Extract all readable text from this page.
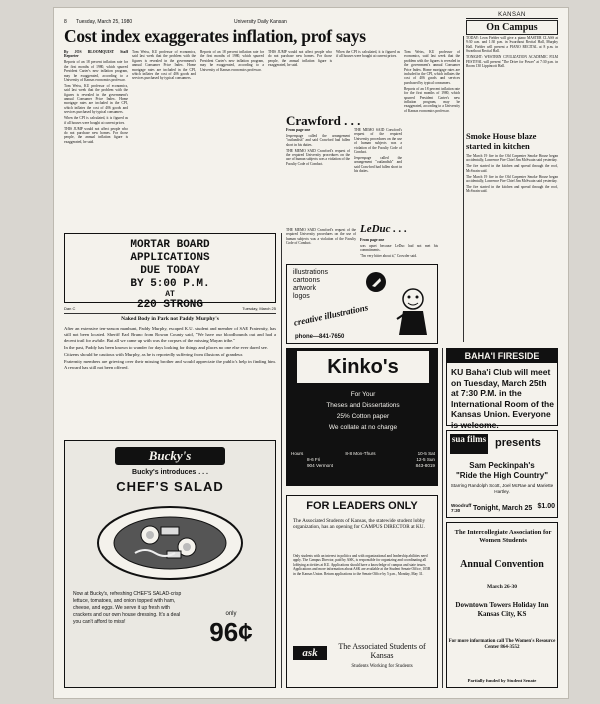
8 Tuesday, March 25, 1980	University Daily Kansan
KANSAN
On Campus
Cost index exaggerates inflation, prof says

By JOS BLOOMQUIST Staff Reporter

Reports of an 18 percent inflation rate for the first months of 1980, which spurred President Carter's new inflation program, may be exaggerated, according to a University of Kansas economics professor.

Tom Weiss, KU professor of economics, said last week that the problem with the figures is revealed in the government's annual Consumer Price Index. Home mortgage rates are included in the CPI, which inflates the cost of 406 goods and services purchased by typical consumers.

When the CPI is calculated, it is figured as if all houses were bought at current prices.

THIS JUMP would not affect people who do not purchase new homes. For those people, the annual inflation figure is exaggerated, he said.

Tom Weiss, KU professor of economics, said last week that the problem with the figures is revealed in the government's annual Consumer Price Index. Home mortgage rates are included in the CPI, which inflates the cost of 406 goods and services purchased by typical consumers.

Reports of an 18 percent inflation rate for the first months of 1980, which spurred President Carter's new inflation program, may be exaggerated, according to a University of Kansas economics professor.

THIS JUMP would not affect people who do not purchase new homes. For those people, the annual inflation figure is exaggerated, he said.

When the CPI is calculated, it is figured as if all houses were bought at current prices.

Tom Weiss, KU professor of economics, said last week that the problem with the figures is revealed in the government's annual Consumer Price Index. Home mortgage rates are included in the CPI, which inflates the cost of 406 goods and services purchased by typical consumers.

Reports of an 18 percent inflation rate for the first months of 1980, which spurred President Carter's new inflation program, may be exaggerated, according to a University of Kansas economics professor.

TODAY: Leon Fielder will give a piano MASTER CLASS at 9:30 a.m. and 1:30 p.m. in Swarthout Recital Hall, Murphy Hall. Fielder will present a PIANO RECITAL at 8 p.m. in Swarthout Recital Hall.

TONIGHT: WESTERN CIVILIZATION ACADEMIC FILM FESTIVAL will present "The Drive for Power" at 7:30 p.m. in Room 130 Lippincott Hall.

Smoke House blaze started in kitchen

The March 19 fire in the Old Carpenter Smoke House began accidentally, Lawrence Fire Chief Jim McSwain said yesterday.

The fire started in the kitchen and spread through the roof, McSwain said.

The March 19 fire in the Old Carpenter Smoke House began accidentally, Lawrence Fire Chief Jim McSwain said yesterday.

The fire started in the kitchen and spread through the roof, McSwain said.

Crawford . . .

From page one

Jesperspage called the arrangement "outlandish" and said Crawford had fallen short in his duties.

THE MEMO SAID Crawford's request of the required University procedures on the use of human subjects was a violation of the Faculty Code of Conduct.

THE MEMO SAID Crawford's request of the required University procedures on the use of human subjects was a violation of the Faculty Code of Conduct.

Jesperspage called the arrangement "outlandish" and said Crawford had fallen short in his duties.

LeDuc . . .

From page one

was upset because LeDuc had not met his commitments.

"I'm very bitter about it," Crowder said.

THE MEMO SAID Crawford's request of the required University procedures on the use of human subjects was a violation of the Faculty Code of Conduct.

MORTAR BOARD
APPLICATIONS
DUE TODAY
BY 5:00 P.M.
AT
220 STRONG
Dan C	Tuesday, March 25
Naked Body in Park not Paddy Murphy's

After an extensive ten-season manhunt, Paddy Murphy, escaped K.U. student and member of SAE Fraternity, has still not been located. Sheriff Earl Bruno from Rowan County said, "We have our bloodhounds out and had a decent trail for awhile. But all we came up with was the corpses of the missing Mayan tribe."

In the past, Paddy has been known to wander for days looking for things and places no one else ever dared see.

Citizens should be cautious with Murphy, as he is reportedly suffering from illusions of grandeur.

Fraternity members are grieving over their missing brother and would appreciate the public's help in finding him. A reward has still not been offered.

Bucky's
Bucky's introduces . . .
CHEF'S SALAD
Now at Bucky's, refreshing CHEF'S SALAD-crisp lettuce, tomatoes, and onion topped with ham, cheese, and eggs. We serve it up fresh with crackers and our own house dressing. It's a deal you can't afford to miss!
only
96¢
illustrations
cartoons
artwork
logos
creative illustrations
phone—841-7650
Kinko's
For Your
Theses and Dissertations
25% Cotton paper
We collate at no charge
Hours	8-8 Mon-Thurs	10-5 Sat
8-6 Fri	12-5 Sun
904 Vermont	843-8019
FOR LEADERS ONLY
The Associated Students of Kansas, the statewide student lobby organization, has an opening for CAMPUS DIRECTOR at KU.
Only students with an interest in politics and with organizational and leadership abilities need apply. The Campus Director, paid by ASK, is responsible for organizing and coordinating all lobbying activities at KU. Applications should have a knowledge of campus and state issues. Applications and more information about ASK are available at the Student Senate Office, 105B in the Kansas Union. Return applications to the Senate Office by 5 p.m., Monday, May 31.
ask
The Associated Students of Kansas
Students Working for Students
BAHA'I FIRESIDE
KU Baha'i Club will meet on Tuesday, March 25th at 7:30 P.M. in the International Room of the Kansas Union. Everyone is welcome.
sua films presents
Sam Peckinpah's
"Ride the High Country"
Starring Randolph Scott, Joel McRae and Mariette Hartley.
Woodruff 7:30 Tonight, March 25 $1.00
The Intercollegiate Association for Women Students
Annual Convention
March 26-30
Downtown Towers Holiday Inn Kansas City, KS
For more information call The Women's Resource Center 864-3552
Partially funded by Student Senate
